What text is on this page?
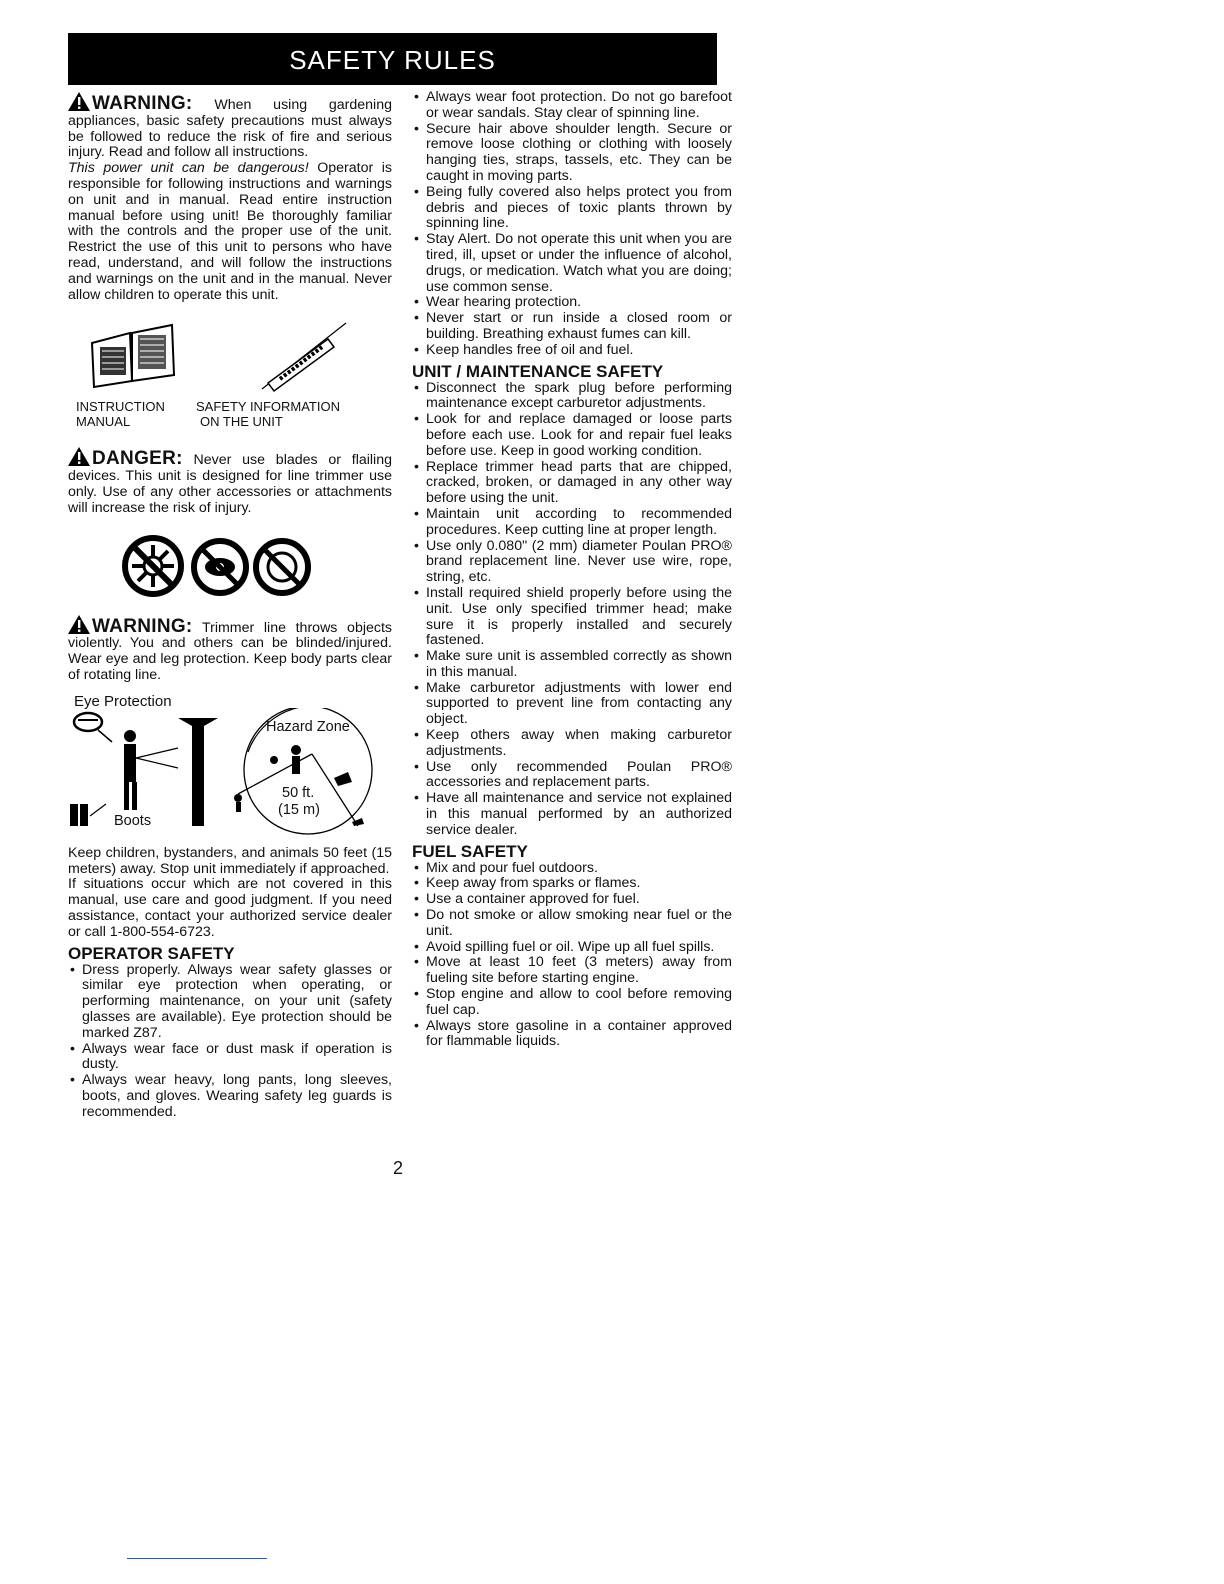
SAFETY RULES

WARNING: When using gardening appliances, basic safety precautions must always be followed to reduce the risk of fire and serious injury. Read and follow all instructions.

This power unit can be dangerous! Operator is responsible for following instructions and warnings on unit and in manual. Read entire instruction manual before using unit! Be thoroughly familiar with the controls and the proper use of the unit. Restrict the use of this unit to persons who have read, understand, and will follow the instructions and warnings on the unit and in the manual. Never allow children to operate this unit.

INSTRUCTION
MANUAL
SAFETY INFORMATION
ON THE UNIT

DANGER: Never use blades or flailing devices. This unit is designed for line trimmer use only. Use of any other accessories or attachments will increase the risk of injury.

WARNING: Trimmer line throws objects violently. You and others can be blinded/injured. Wear eye and leg protection. Keep body parts clear of rotating line.

Eye Protection
Hazard Zone
50 ft.
(15 m)
Boots

Keep children, bystanders, and animals 50 feet (15 meters) away. Stop unit immediately if approached.

If situations occur which are not covered in this manual, use care and good judgment. If you need assistance, contact your authorized service dealer or call 1-800-554-6723.

OPERATOR SAFETY
• Dress properly. Always wear safety glasses or similar eye protection when operating, or performing maintenance, on your unit (safety glasses are available). Eye protection should be marked Z87.
• Always wear face or dust mask if operation is dusty.
• Always wear heavy, long pants, long sleeves, boots, and gloves. Wearing safety leg guards is recommended.
• Always wear foot protection. Do not go barefoot or wear sandals. Stay clear of spinning line.
• Secure hair above shoulder length. Secure or remove loose clothing or clothing with loosely hanging ties, straps, tassels, etc. They can be caught in moving parts.
• Being fully covered also helps protect you from debris and pieces of toxic plants thrown by spinning line.
• Stay Alert. Do not operate this unit when you are tired, ill, upset or under the influence of alcohol, drugs, or medication. Watch what you are doing; use common sense.
• Wear hearing protection.
• Never start or run inside a closed room or building. Breathing exhaust fumes can kill.
• Keep handles free of oil and fuel.
UNIT / MAINTENANCE SAFETY
• Disconnect the spark plug before performing maintenance except carburetor adjustments.
• Look for and replace damaged or loose parts before each use. Look for and repair fuel leaks before use. Keep in good working condition.
• Replace trimmer head parts that are chipped, cracked, broken, or damaged in any other way before using the unit.
• Maintain unit according to recommended procedures. Keep cutting line at proper length.
• Use only 0.080" (2 mm) diameter Poulan PRO® brand replacement line. Never use wire, rope, string, etc.
• Install required shield properly before using the unit. Use only specified trimmer head; make sure it is properly installed and securely fastened.
• Make sure unit is assembled correctly as shown in this manual.
• Make carburetor adjustments with lower end supported to prevent line from contacting any object.
• Keep others away when making carburetor adjustments.
• Use only recommended Poulan PRO® accessories and replacement parts.
• Have all maintenance and service not explained in this manual performed by an authorized service dealer.
FUEL SAFETY
• Mix and pour fuel outdoors.
• Keep away from sparks or flames.
• Use a container approved for fuel.
• Do not smoke or allow smoking near fuel or the unit.
• Avoid spilling fuel or oil. Wipe up all fuel spills.
• Move at least 10 feet (3 meters) away from fueling site before starting engine.
• Stop engine and allow to cool before removing fuel cap.
• Always store gasoline in a container approved for flammable liquids.
2
